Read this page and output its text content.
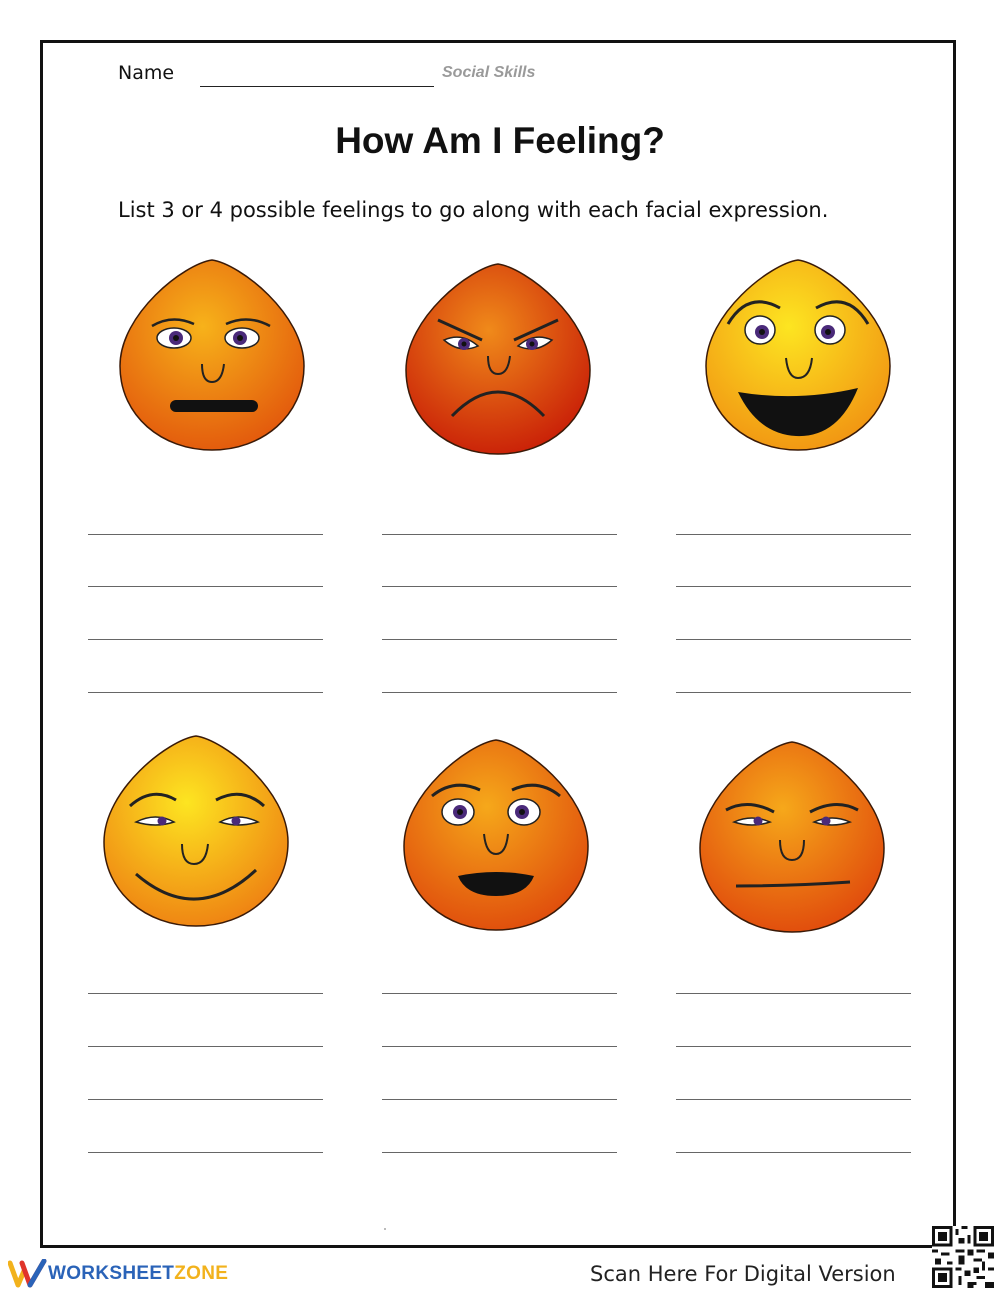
Name	Social Skills
How Am I Feeling?
List 3 or 4 possible feelings to go along with each facial expression.
WORKSHEET ZONE	Scan Here For Digital Version
